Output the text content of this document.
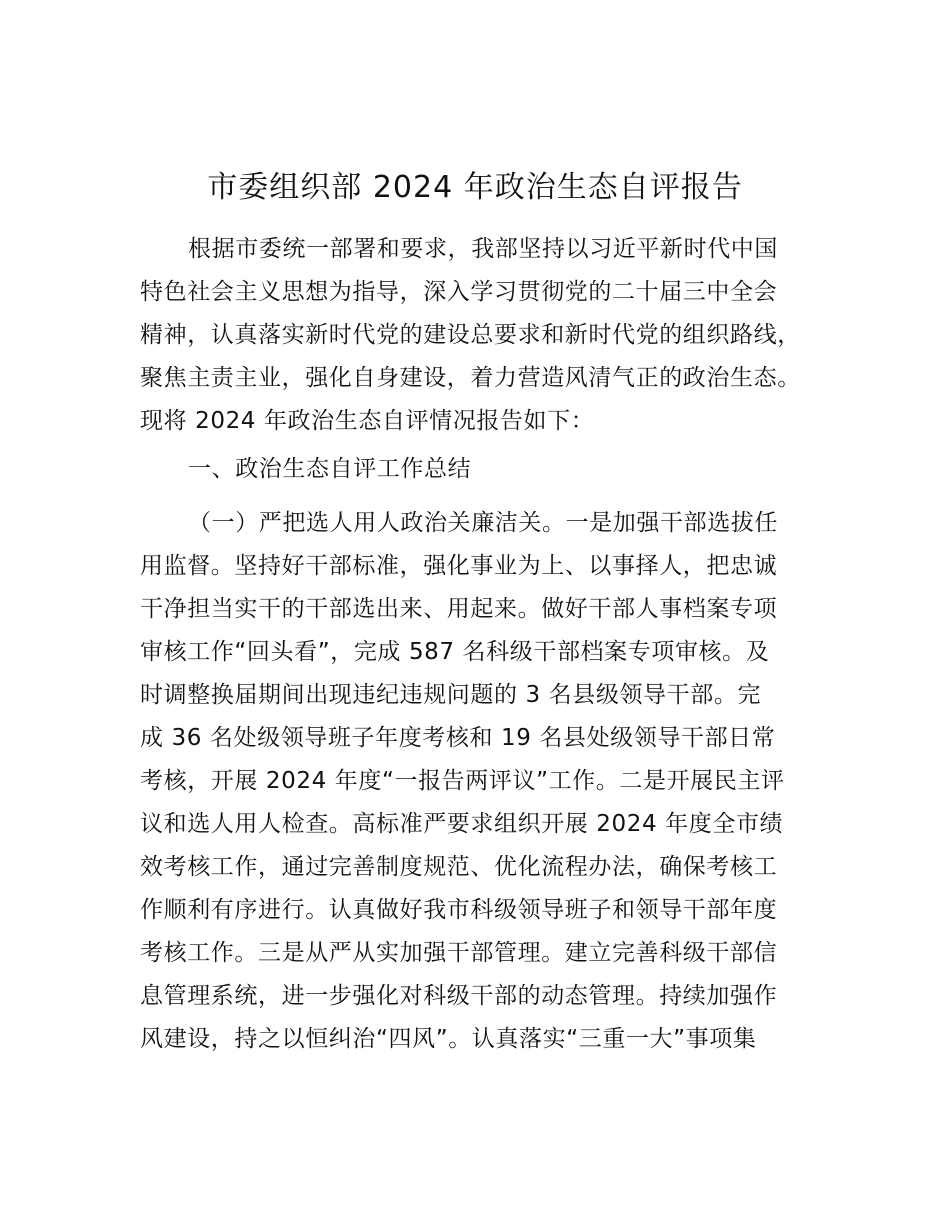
市委组织部 2024 年政治生态自评报告
根据市委统一部署和要求，我部坚持以习近平新时代中国
特色社会主义思想为指导，深入学习贯彻党的二十届三中全会
精神，认真落实新时代党的建设总要求和新时代党的组织路线，
聚焦主责主业，强化自身建设，着力营造风清气正的政治生态。
现将 2024 年政治生态自评情况报告如下：
一、政治生态自评工作总结
（一）严把选人用人政治关廉洁关。一是加强干部选拔任
用监督。坚持好干部标准，强化事业为上、以事择人，把忠诚
干净担当实干的干部选出来、用起来。做好干部人事档案专项
审核工作“回头看”，完成 587 名科级干部档案专项审核。及
时调整换届期间出现违纪违规问题的 3 名县级领导干部。完
成 36 名处级领导班子年度考核和 19 名县处级领导干部日常
考核，开展 2024 年度“一报告两评议”工作。二是开展民主评
议和选人用人检查。高标准严要求组织开展 2024 年度全市绩
效考核工作，通过完善制度规范、优化流程办法，确保考核工
作顺利有序进行。认真做好我市科级领导班子和领导干部年度
考核工作。三是从严从实加强干部管理。建立完善科级干部信
息管理系统，进一步强化对科级干部的动态管理。持续加强作
风建设，持之以恒纠治“四风”。认真落实“三重一大”事项集
